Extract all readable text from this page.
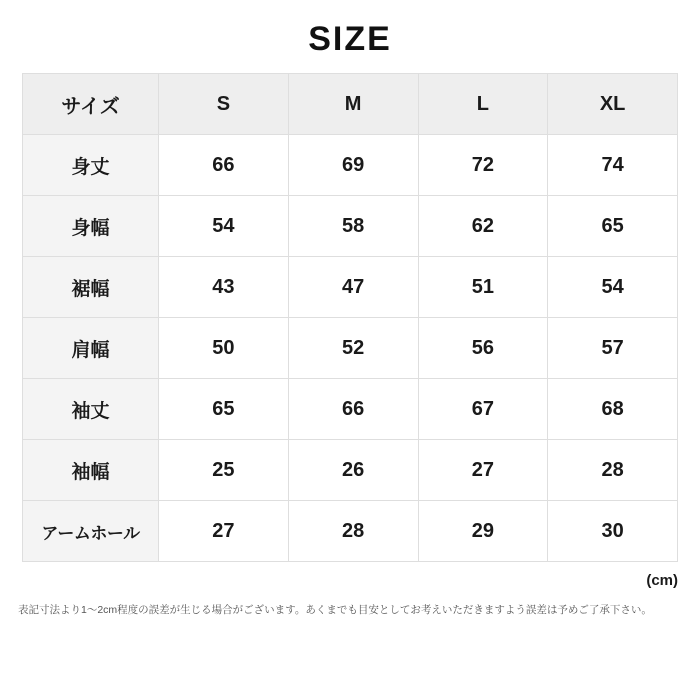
SIZE
サイズ	S	M	L	XL
身丈	66	69	72	74
身幅	54	58	62	65
裾幅	43	47	51	54
肩幅	50	52	56	57
袖丈	65	66	67	68
袖幅	25	26	27	28
アームホール	27	28	29	30
(cm)
表記寸法より1〜2cm程度の誤差が生じる場合がございます。あくまでも目安としてお考えいただきますよう誤差は予めご了承下さい。
